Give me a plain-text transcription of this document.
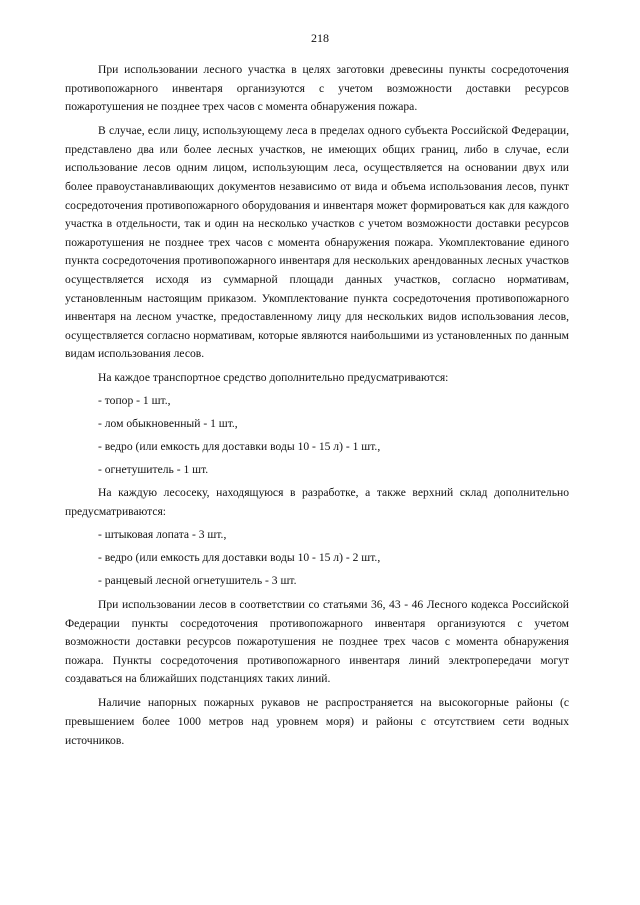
218

При использовании лесного участка в целях заготовки древесины пункты сосредоточения противопожарного инвентаря организуются с учетом возможности доставки ресурсов пожаротушения не позднее трех часов с момента обнаружения пожара.

В случае, если лицу, использующему леса в пределах одного субъекта Российской Федерации, представлено два или более лесных участков, не имеющих общих границ, либо в случае, если использование лесов одним лицом, использующим леса, осуществляется на основании двух или более правоустанавливающих документов независимо от вида и объема использования лесов, пункт сосредоточения противопожарного оборудования и инвентаря может формироваться как для каждого участка в отдельности, так и один на несколько участков с учетом возможности доставки ресурсов пожаротушения не позднее трех часов с момента обнаружения пожара. Укомплектование единого пункта сосредоточения противопожарного инвентаря для нескольких арендованных лесных участков осуществляется исходя из суммарной площади данных участков, согласно нормативам, установленным настоящим приказом. Укомплектование пункта сосредоточения противопожарного инвентаря на лесном участке, предоставленному лицу для нескольких видов использования лесов, осуществляется согласно нормативам, которые являются наибольшими из установленных по данным видам использования лесов.

На каждое транспортное средство дополнительно предусматриваются:

- топор - 1 шт.,

- лом обыкновенный - 1 шт.,

- ведро (или емкость для доставки воды 10 - 15 л) - 1 шт.,

- огнетушитель - 1 шт.

На каждую лесосеку, находящуюся в разработке, а также верхний склад дополнительно предусматриваются:

- штыковая лопата - 3 шт.,

- ведро (или емкость для доставки воды 10 - 15 л) - 2 шт.,

- ранцевый лесной огнетушитель - 3 шт.

При использовании лесов в соответствии со статьями 36, 43 - 46 Лесного кодекса Российской Федерации пункты сосредоточения противопожарного инвентаря организуются с учетом возможности доставки ресурсов пожаротушения не позднее трех часов с момента обнаружения пожара. Пункты сосредоточения противопожарного инвентаря линий электропередачи могут создаваться на ближайших подстанциях таких линий.

Наличие напорных пожарных рукавов не распространяется на высокогорные районы (с превышением более 1000 метров над уровнем моря) и районы с отсутствием сети водных источников.
